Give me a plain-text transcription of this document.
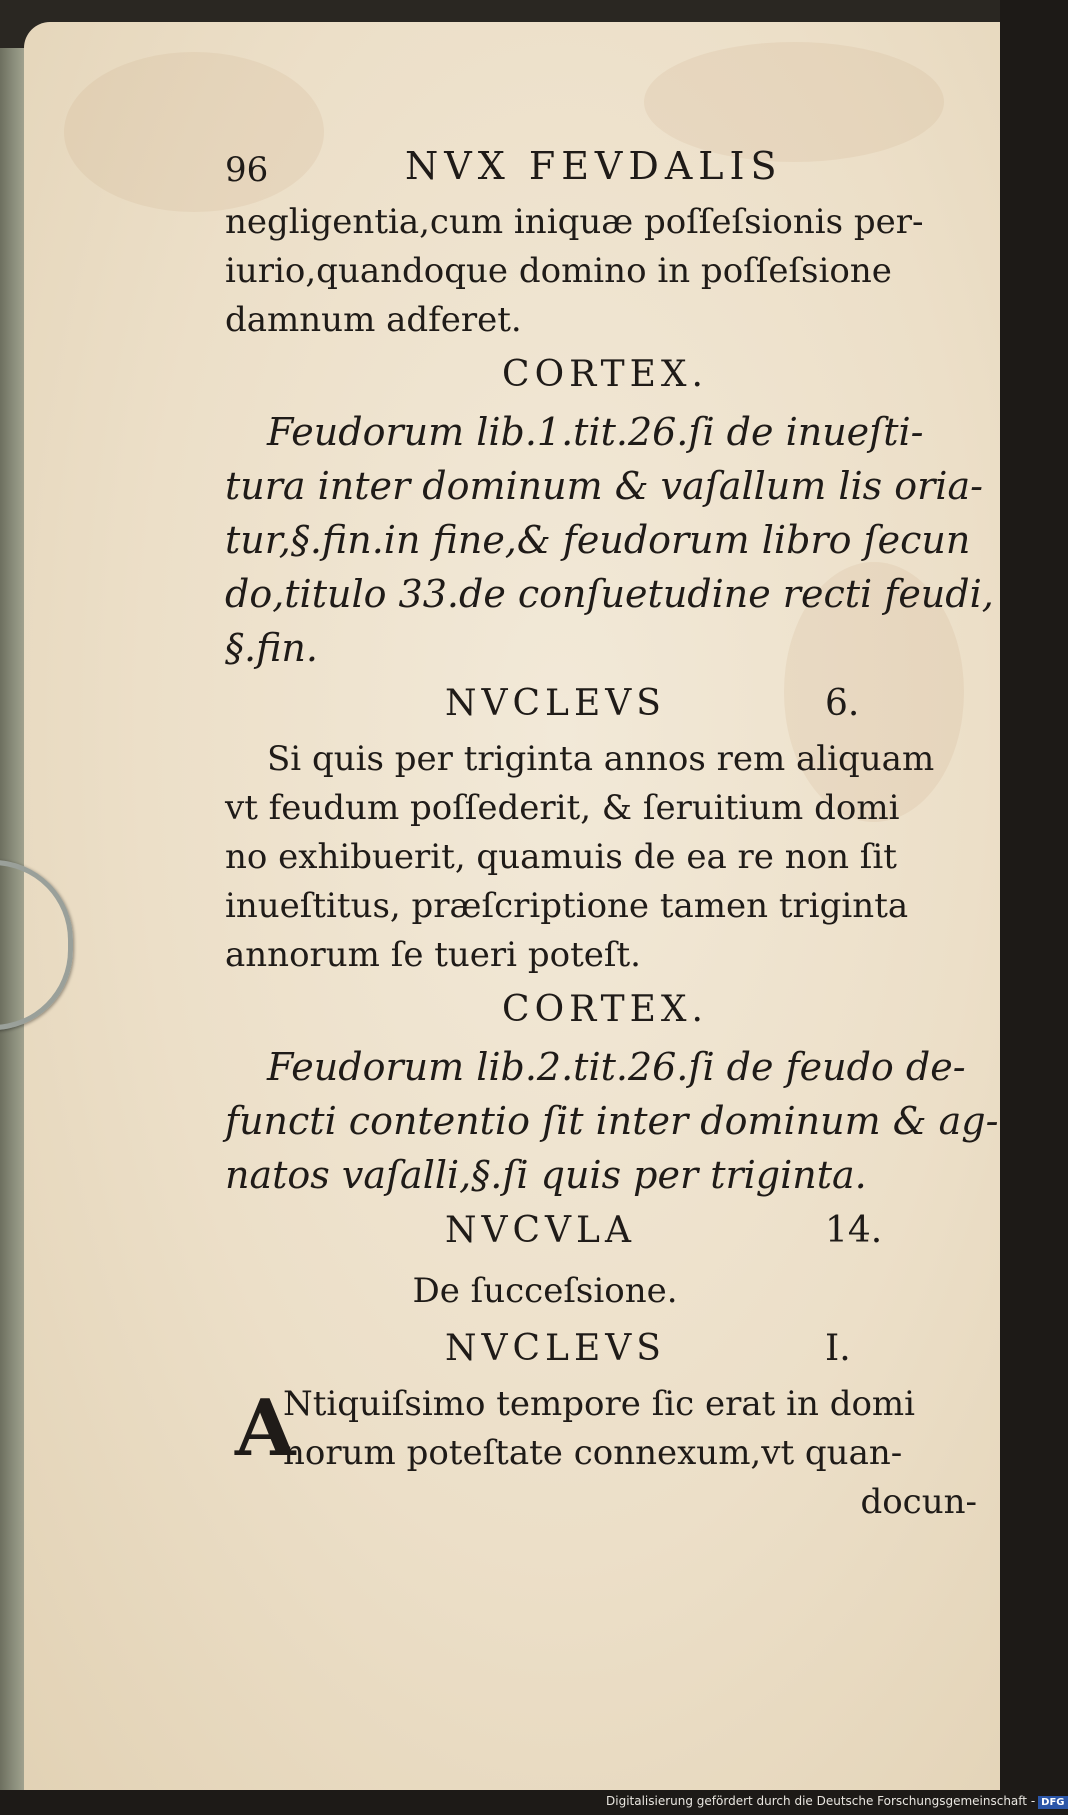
96	NVX FEVDALIS
negligentia,cum iniquæ poſſeſsionis per-
iurio,quandoque domino in poſſeſsione
damnum adferet.
CORTEX.
Feudorum lib.1.tit.26.ſi de inueſti-
tura inter dominum & vaſallum lis oria-
tur,§.fin.in fine,& feudorum libro ſecun
do,titulo 33.de conſuetudine recti feudi,
§.fin.
NVCLEVS	6.
Si quis per triginta annos rem aliquam
vt feudum poſſederit, & ſeruitium domi
no exhibuerit, quamuis de ea re non ſit
inueſtitus, præſcriptione tamen triginta
annorum ſe tueri poteſt.
CORTEX.
Feudorum lib.2.tit.26.ſi de feudo de-
functi contentio ſit inter dominum & ag-
natos vaſalli,§.ſi quis per triginta.
NVCVLA	14.
De ſucceſsione.
NVCLEVS	I.
A
Ntiquiſsimo tempore ſic erat in domi
norum poteſtate connexum,vt quan-
docun-
Digitalisierung gefördert durch die Deutsche Forschungsgemeinschaft - DFG
